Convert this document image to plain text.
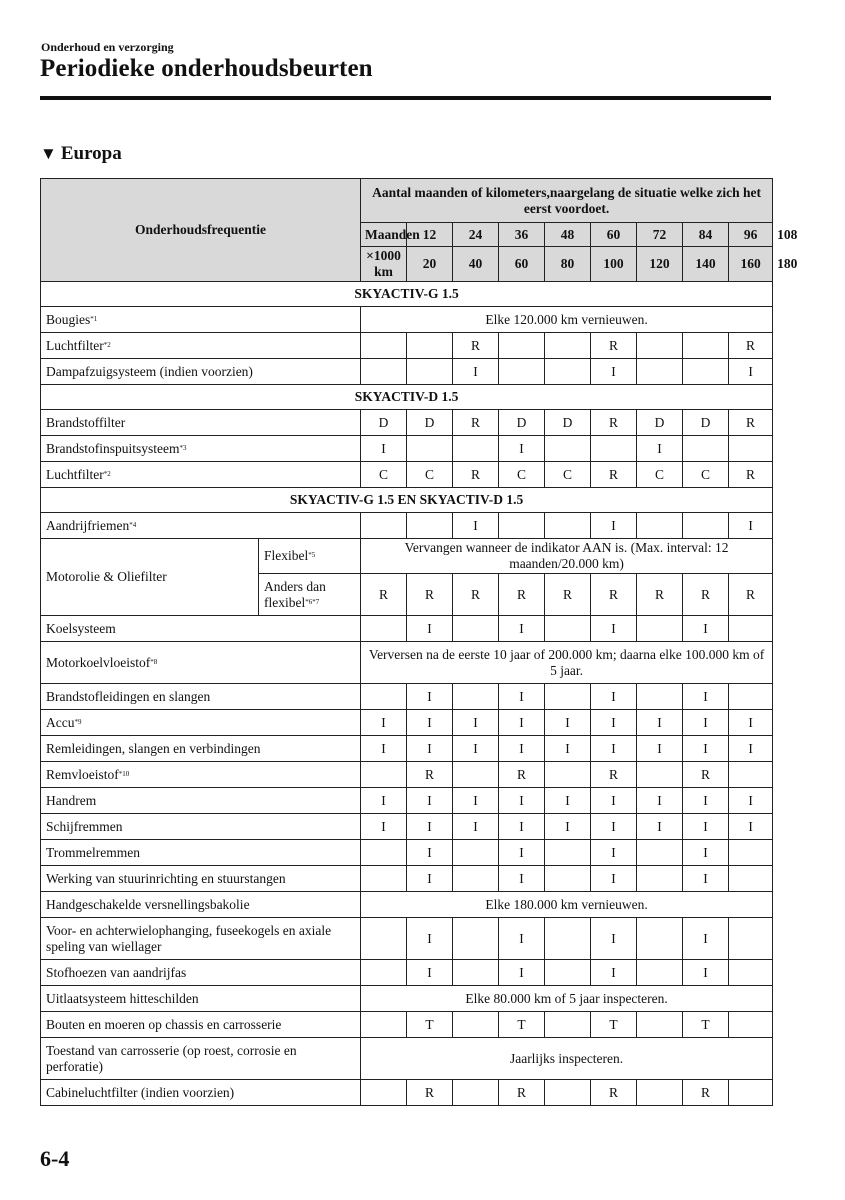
Onderhoud en verzorging
Periodieke onderhoudsbeurten
▼ Europa
Onderhoudsfrequentie		Aantal maanden of kilometers,naargelang de situatie welke zich het eerst voordoet.									
		Maanden	12	24	36	48	60	72	84	96	108
		×1000 km	20	40	60	80	100	120	140	160	180
SKYACTIV-G 1.5											
Bougies$^{*1}$		Elke 120.000 km vernieuwen.									
Luchtfilter$^{*2}$				R			R			R	
Dampafzuigsysteem (indien voorzien)				I			I			I	
SKYACTIV-D 1.5											
Brandstoffilter		D	D	R	D	D	R	D	D	R	
Brandstofinspuitsysteem$^{*3}$		I			I			I			
Luchtfilter$^{*2}$		C	C	R	C	C	R	C	C	R	
SKYACTIV-G 1.5 EN SKYACTIV-D 1.5											
Aandrijfriemen$^{*4}$				I			I			I	
Motorolie & Oliefilter	Flexibel$^{*5}$	Vervangen wanneer de indikator AAN is. (Max. interval: 12 maanden/20.000 km)									
	Anders dan
flexibel$^{*6*7}$	R	R	R	R	R	R	R	R	R	
Koelsysteem			I		I		I		I		
Motorkoelvloeistof$^{*8}$		Verversen na de eerste 10 jaar of 200.000 km; daarna elke 100.000 km of 5 jaar.									
Brandstofleidingen en slangen			I		I		I		I		
Accu$^{*9}$		I	I	I	I	I	I	I	I	I	
Remleidingen, slangen en verbindingen		I	I	I	I	I	I	I	I	I	
Remvloeistof$^{*10}$			R		R		R		R		
Handrem		I	I	I	I	I	I	I	I	I	
Schijfremmen		I	I	I	I	I	I	I	I	I	
Trommelremmen			I		I		I		I		
Werking van stuurinrichting en stuurstangen			I		I		I		I		
Handgeschakelde versnellingsbakolie		Elke 180.000 km vernieuwen.									
Voor- en achterwielophanging, fuseekogels en axiale speling van wiellager			I		I		I		I		
Stofhoezen van aandrijfas			I		I		I		I		
Uitlaatsysteem hitteschilden		Elke 80.000 km of 5 jaar inspecteren.									
Bouten en moeren op chassis en carrosserie			T		T		T		T		
Toestand van carrosserie (op roest, corrosie en perforatie)		Jaarlijks inspecteren.									
Cabineluchtfilter (indien voorzien)			R		R		R		R		
6-4
